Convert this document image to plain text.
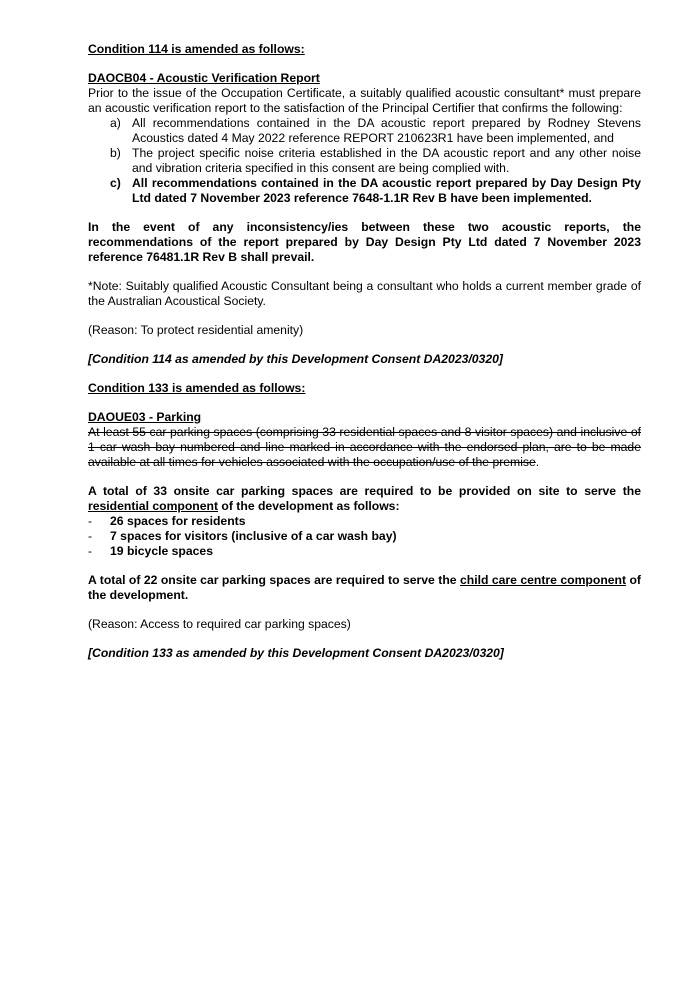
Condition 114 is amended as follows:

DAOCB04 - Acoustic Verification Report

Prior to the issue of the Occupation Certificate, a suitably qualified acoustic consultant* must prepare an acoustic verification report to the satisfaction of the Principal Certifier that confirms the following:

a) All recommendations contained in the DA acoustic report prepared by Rodney Stevens Acoustics dated 4 May 2022 reference REPORT 210623R1 have been implemented, and
b) The project specific noise criteria established in the DA acoustic report and any other noise and vibration criteria specified in this consent are being complied with.
c) All recommendations contained in the DA acoustic report prepared by Day Design Pty Ltd dated 7 November 2023 reference 7648-1.1R Rev B have been implemented.

In the event of any inconsistency/ies between these two acoustic reports, the recommendations of the report prepared by Day Design Pty Ltd dated 7 November 2023 reference 76481.1R Rev B shall prevail.

*Note: Suitably qualified Acoustic Consultant being a consultant who holds a current member grade of the Australian Acoustical Society.

(Reason: To protect residential amenity)

[Condition 114 as amended by this Development Consent DA2023/0320]

Condition 133 is amended as follows:

DAOUE03 - Parking

At least 55 car parking spaces (comprising 33 residential spaces and 8 visitor spaces) and inclusive of 1 car wash bay numbered and line marked in accordance with the endorsed plan, are to be made available at all times for vehicles associated with the occupation/use of the premise.

A total of 33 onsite car parking spaces are required to be provided on site to serve the residential component of the development as follows:

- 26 spaces for residents
- 7 spaces for visitors (inclusive of a car wash bay)
- 19 bicycle spaces

A total of 22 onsite car parking spaces are required to serve the child care centre component of the development.

(Reason: Access to required car parking spaces)

[Condition 133 as amended by this Development Consent DA2023/0320]
